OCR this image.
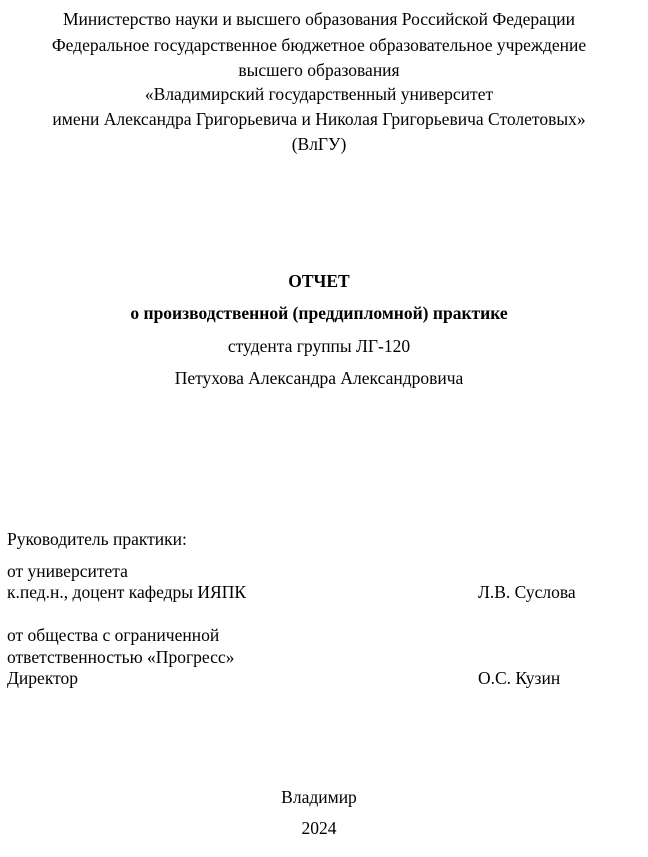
Министерство науки и высшего образования Российской Федерации
Федеральное государственное бюджетное образовательное учреждение
высшего образования
«Владимирский государственный университет
имени Александра Григорьевича и Николая Григорьевича Столетовых»
(ВлГУ)
ОТЧЕТ
о производственной (преддипломной) практике
студента группы ЛГ-120
Петухова Александра Александровича
Руководитель практики:
от университета
к.пед.н., доцент кафедры ИЯПК	Л.В. Суслова
от общества с ограниченной
ответственностью «Прогресс»
Директор	О.С. Кузин
Владимир
2024
